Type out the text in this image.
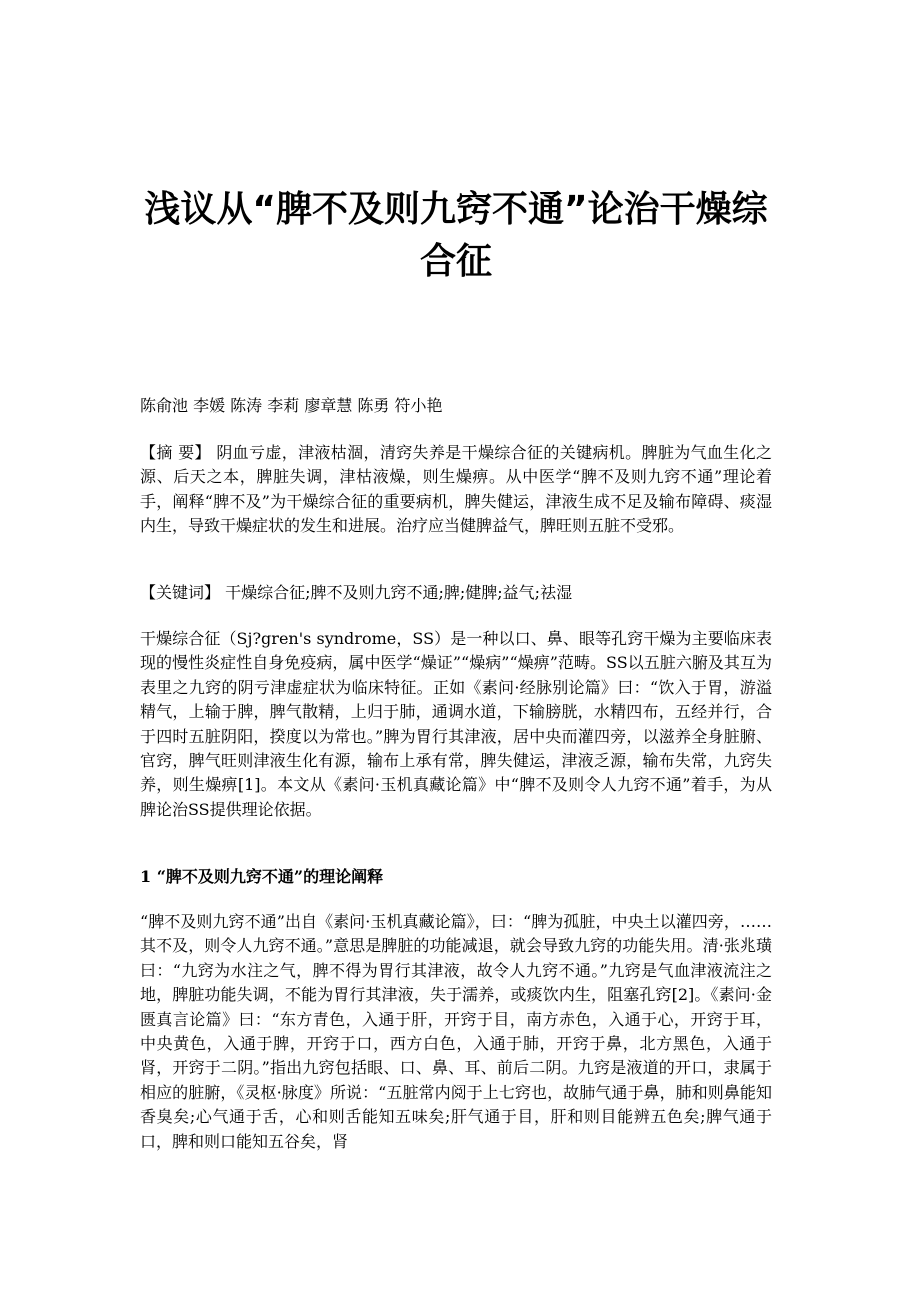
浅议从“脾不及则九窍不通”论治干燥综合征
陈俞池 李媛 陈涛 李莉 廖章慧 陈勇 符小艳

【摘 要】 阴血亏虚，津液枯涸，清窍失养是干燥综合征的关键病机。脾脏为气血生化之源、后天之本，脾脏失调，津枯液燥，则生燥痹。从中医学“脾不及则九窍不通”理论着手，阐释“脾不及”为干燥综合征的重要病机，脾失健运，津液生成不足及输布障碍、痰湿内生，导致干燥症状的发生和进展。治疗应当健脾益气，脾旺则五脏不受邪。

【关键词】 干燥综合征;脾不及则九窍不通;脾;健脾;益气;祛湿

干燥综合征（Sj?gren's syndrome，SS）是一种以口、鼻、眼等孔窍干燥为主要临床表现的慢性炎症性自身免疫病，属中医学“燥证”“燥病”“燥痹”范畴。SS以五脏六腑及其互为表里之九窍的阴亏津虚症状为临床特征。正如《素问·经脉别论篇》曰：“饮入于胃，游溢精气，上输于脾，脾气散精，上归于肺，通调水道，下输膀胱，水精四布，五经并行，合于四时五脏阴阳，揆度以为常也。”脾为胃行其津液，居中央而灌四旁，以滋养全身脏腑、官窍，脾气旺则津液生化有源，输布上承有常，脾失健运，津液乏源，输布失常，九窍失养，则生燥痹[1]。本文从《素问·玉机真藏论篇》中“脾不及则令人九窍不通”着手，为从脾论治SS提供理论依据。

1 “脾不及则九窍不通”的理论阐释

“脾不及则九窍不通”出自《素问·玉机真藏论篇》，曰：“脾为孤脏，中央土以灌四旁，……其不及，则令人九窍不通。”意思是脾脏的功能减退，就会导致九窍的功能失用。清·张兆璜曰：“九窍为水注之气，脾不得为胃行其津液，故令人九窍不通。”九窍是气血津液流注之地，脾脏功能失调，不能为胃行其津液，失于濡养，或痰饮内生，阻塞孔窍[2]。《素问·金匮真言论篇》曰：“东方青色，入通于肝，开窍于目，南方赤色，入通于心，开窍于耳，中央黄色，入通于脾，开窍于口，西方白色，入通于肺，开窍于鼻，北方黑色，入通于肾，开窍于二阴。”指出九窍包括眼、口、鼻、耳、前后二阴。九窍是液道的开口，隶属于相应的脏腑，《灵枢·脉度》所说：“五脏常内阅于上七窍也，故肺气通于鼻，肺和则鼻能知香臭矣;心气通于舌，心和则舌能知五味矣;肝气通于目，肝和则目能辨五色矣;脾气通于口，脾和则口能知五谷矣，肾
